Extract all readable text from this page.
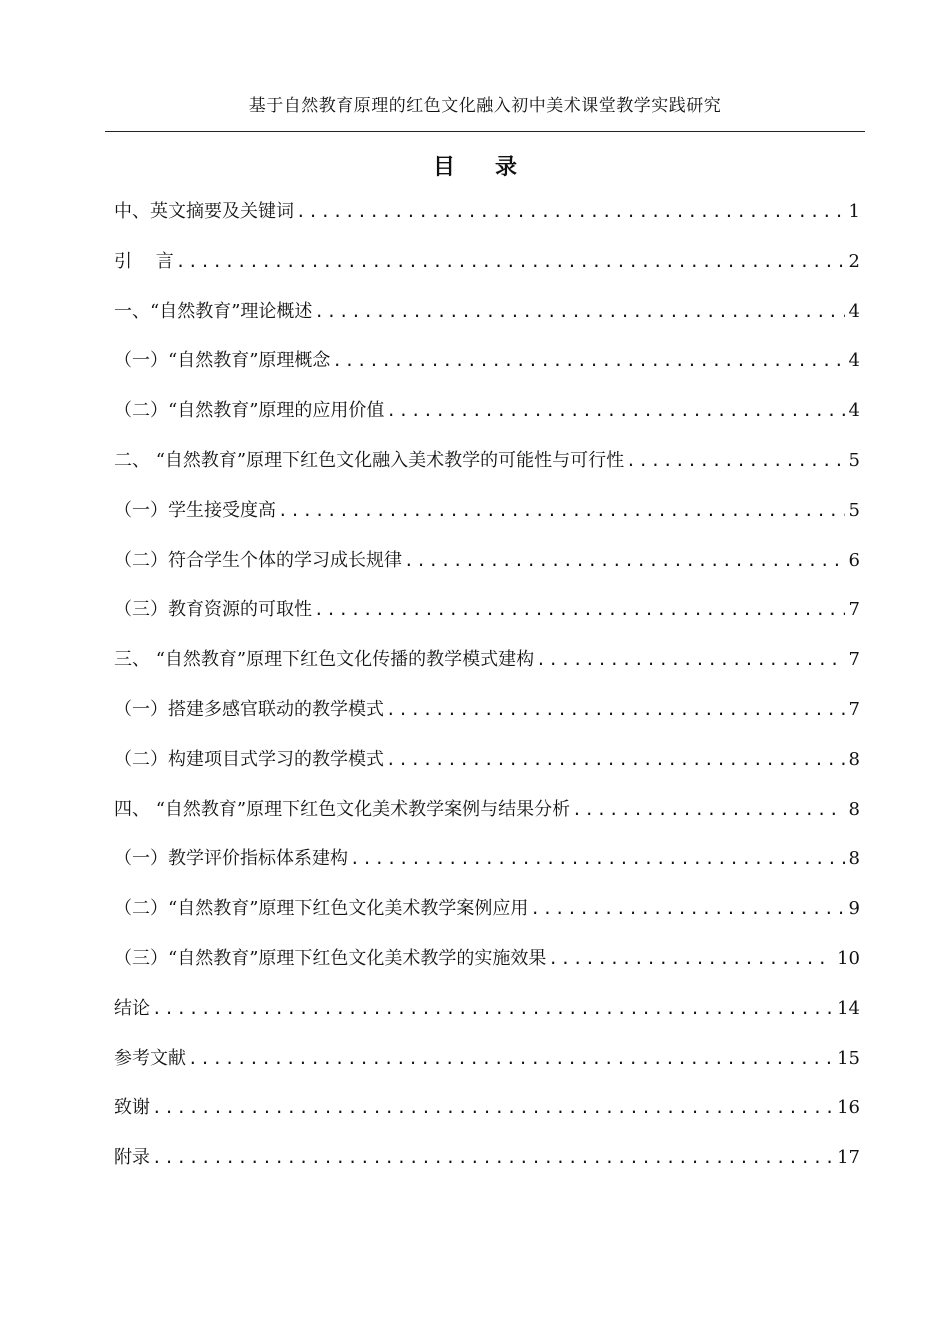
基于自然教育原理的红色文化融入初中美术课堂教学实践研究
目 录
中、英文摘要及关键词 .....	1
引　 言 .....	2
一、“自然教育”理论概述 .....	4
（一）“自然教育”原理概念 .....	4
（二）“自然教育”原理的应用价值 .....	4
二、 “自然教育”原理下红色文化融入美术教学的可能性与可行性 .....	5
（一）学生接受度高 .....	5
（二）符合学生个体的学习成长规律 .....	6
（三）教育资源的可取性 .....	7
三、 “自然教育”原理下红色文化传播的教学模式建构 .....	7
（一）搭建多感官联动的教学模式 .....	7
（二）构建项目式学习的教学模式 .....	8
四、 “自然教育”原理下红色文化美术教学案例与结果分析 .....	8
（一）教学评价指标体系建构 .....	8
（二）“自然教育”原理下红色文化美术教学案例应用 .....	9
（三）“自然教育”原理下红色文化美术教学的实施效果 .....	10
结论 .....	14
参考文献 .....	15
致谢 .....	16
附录 .....	17
